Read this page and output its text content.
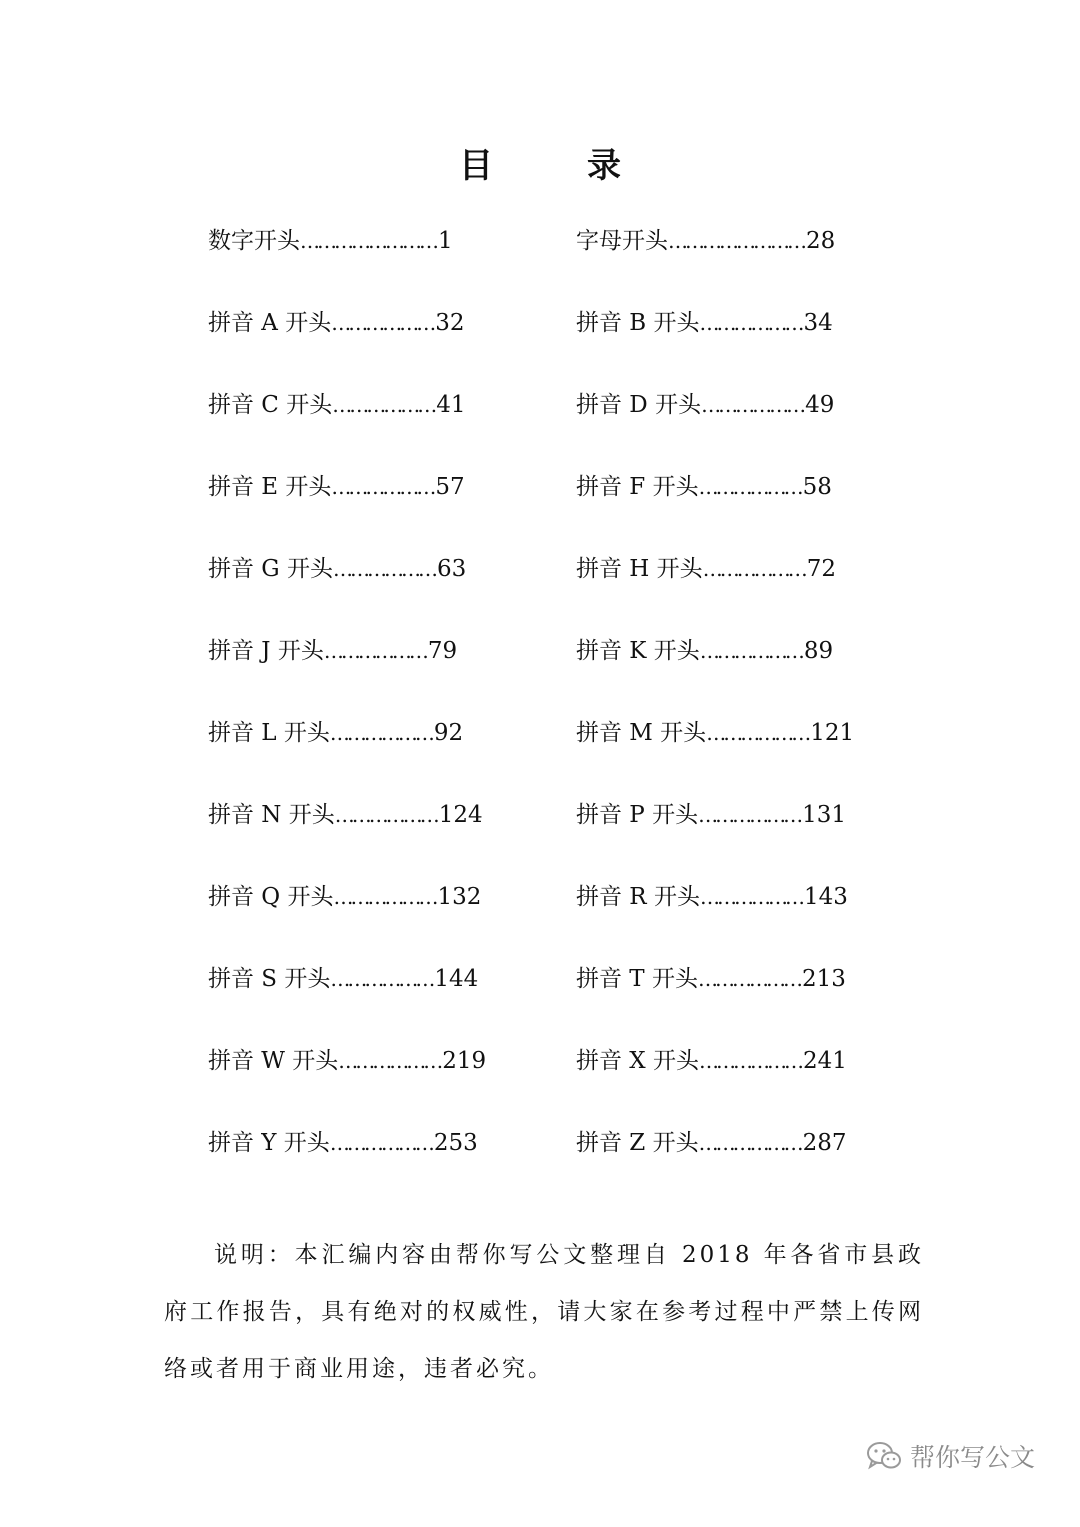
目　录
数字开头 …………………… 1	字母开头 …………………… 28
拼音 A 开头 ……………… 32	拼音 B 开头 ……………… 34
拼音 C 开头 ……………… 41	拼音 D 开头 ……………… 49
拼音 E 开头 ……………… 57	拼音 F 开头 ……………… 58
拼音 G 开头 ……………… 63	拼音 H 开头 ……………… 72
拼音 J 开头 ……………… 79	拼音 K 开头 ……………… 89
拼音 L 开头 ……………… 92	拼音 M 开头 ……………… 121
拼音 N 开头 ……………… 124	拼音 P 开头 ……………… 131
拼音 Q 开头 ……………… 132	拼音 R 开头 ……………… 143
拼音 S 开头 ……………… 144	拼音 T 开头 ……………… 213
拼音 W 开头 ……………… 219	拼音 X 开头 ……………… 241
拼音 Y 开头 ……………… 253	拼音 Z 开头 ……………… 287

说明：本汇编内容由帮你写公文整理自 2018 年各省市县政府工作报告，具有绝对的权威性，请大家在参考过程中严禁上传网络或者用于商业用途，违者必究。

帮你写公文
